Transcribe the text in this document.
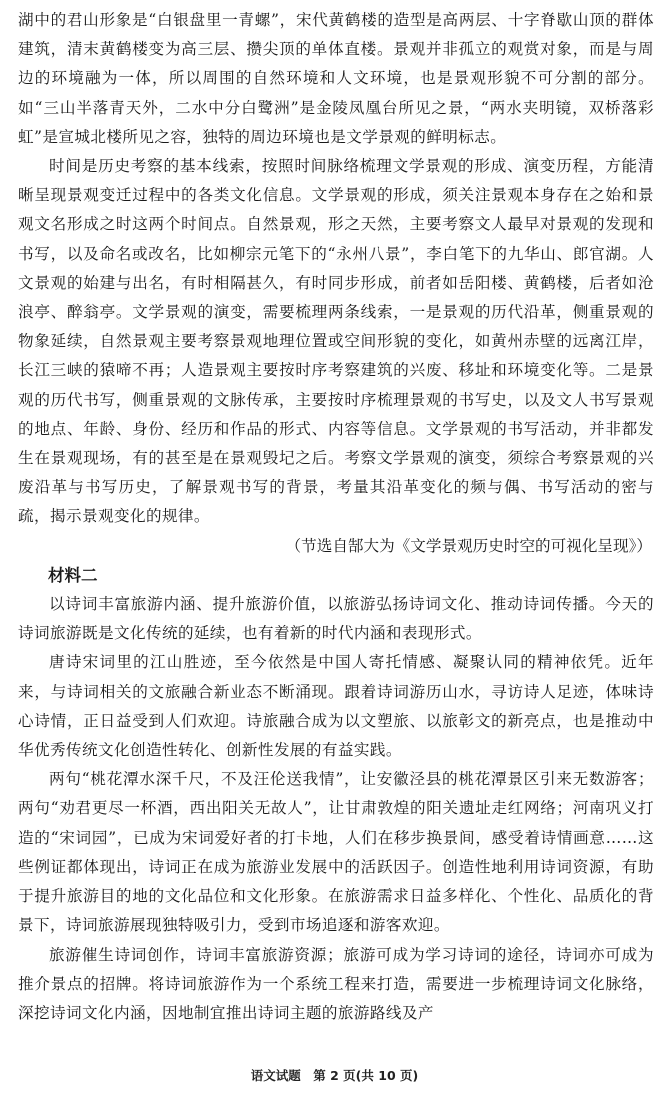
湖中的君山形象是“白银盘里一青螺”，宋代黄鹤楼的造型是高两层、十字脊歇山顶的群体建筑，清末黄鹤楼变为高三层、攒尖顶的单体直楼。景观并非孤立的观赏对象，而是与周边的环境融为一体，所以周围的自然环境和人文环境，也是景观形貌不可分割的部分。如“三山半落青天外，二水中分白鹭洲”是金陵凤凰台所见之景，“两水夹明镜，双桥落彩虹”是宣城北楼所见之容，独特的周边环境也是文学景观的鲜明标志。

时间是历史考察的基本线索，按照时间脉络梳理文学景观的形成、演变历程，方能清晰呈现景观变迁过程中的各类文化信息。文学景观的形成，须关注景观本身存在之始和景观文名形成之时这两个时间点。自然景观，形之天然，主要考察文人最早对景观的发现和书写，以及命名或改名，比如柳宗元笔下的“永州八景”，李白笔下的九华山、郎官湖。人文景观的始建与出名，有时相隔甚久，有时同步形成，前者如岳阳楼、黄鹤楼，后者如沧浪亭、醉翁亭。文学景观的演变，需要梳理两条线索，一是景观的历代沿革，侧重景观的物象延续，自然景观主要考察景观地理位置或空间形貌的变化，如黄州赤壁的远离江岸，长江三峡的猿啼不再；人造景观主要按时序考察建筑的兴废、移址和环境变化等。二是景观的历代书写，侧重景观的文脉传承，主要按时序梳理景观的书写史，以及文人书写景观的地点、年龄、身份、经历和作品的形式、内容等信息。文学景观的书写活动，并非都发生在景观现场，有的甚至是在景观毁圮之后。考察文学景观的演变，须综合考察景观的兴废沿革与书写历史，了解景观书写的背景，考量其沿革变化的频与偶、书写活动的密与疏，揭示景观变化的规律。

（节选自郜大为《文学景观历史时空的可视化呈现》）

材料二

以诗词丰富旅游内涵、提升旅游价值，以旅游弘扬诗词文化、推动诗词传播。今天的诗词旅游既是文化传统的延续，也有着新的时代内涵和表现形式。

唐诗宋词里的江山胜迹，至今依然是中国人寄托情感、凝聚认同的精神依凭。近年来，与诗词相关的文旅融合新业态不断涌现。跟着诗词游历山水，寻访诗人足迹，体味诗心诗情，正日益受到人们欢迎。诗旅融合成为以文塑旅、以旅彰文的新亮点，也是推动中华优秀传统文化创造性转化、创新性发展的有益实践。

两句“桃花潭水深千尺，不及汪伦送我情”，让安徽泾县的桃花潭景区引来无数游客；两句“劝君更尽一杯酒，西出阳关无故人”，让甘肃敦煌的阳关遗址走红网络；河南巩义打造的“宋词园”，已成为宋词爱好者的打卡地，人们在移步换景间，感受着诗情画意……这些例证都体现出，诗词正在成为旅游业发展中的活跃因子。创造性地利用诗词资源，有助于提升旅游目的地的文化品位和文化形象。在旅游需求日益多样化、个性化、品质化的背景下，诗词旅游展现独特吸引力，受到市场追逐和游客欢迎。

旅游催生诗词创作，诗词丰富旅游资源；旅游可成为学习诗词的途径，诗词亦可成为推介景点的招牌。将诗词旅游作为一个系统工程来打造，需要进一步梳理诗词文化脉络，深挖诗词文化内涵，因地制宜推出诗词主题的旅游路线及产

语文试题　第 2 页(共 10 页)
